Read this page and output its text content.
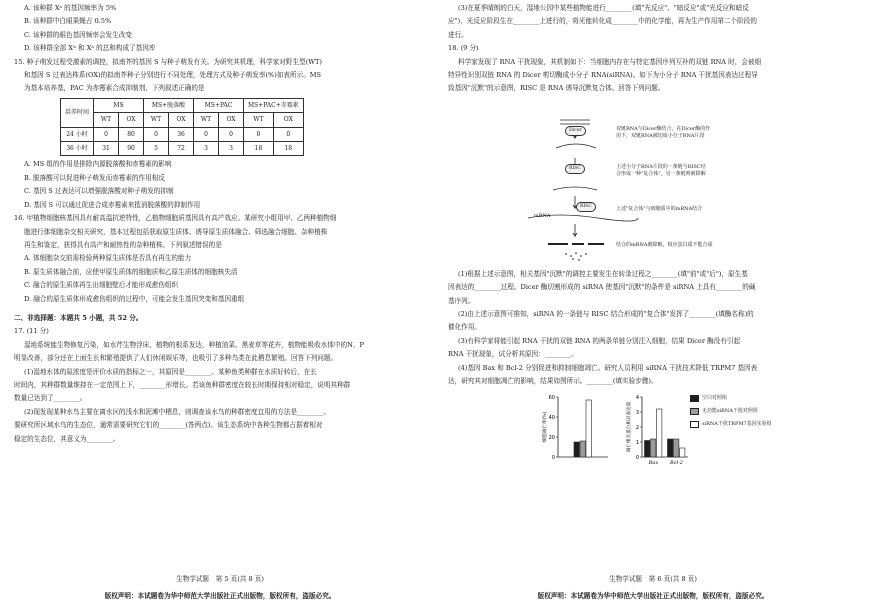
A. 该种群 Xᵃ 的基因频率为 5%
B. 该种群中白眼果蝇占 0.5%
C. 该种群的眼色基因频率会发生改变
D. 该种群全部 Xᴬ 和 Xᵃ 的总和构成了基因库
15. 种子萌发过程受激素的调控，拟南芥的基因 S 与种子萌发有关。为研究其机理，科学家对野生型(WT)
和基因 S 过表达株系(OX)的拟南芥种子分别进行不同处理，处理方式及种子萌发率(%)如表所示。MS
为基本培养基，PAC 为赤霉素合成抑制剂，下列叙述正确的是
培养时间	MS		MS+脱落酸		MS+PAC		MS+PAC+赤霉素	
	WT	OX	WT	OX	WT	OX	WT	OX
24 小时	0	80	0	36	0	0	0	0
36 小时	31	90	5	72	3	3	18	18
A. MS 组的作用是排除内源脱落酸和赤霉素的影响
B. 脱落酸可以促进种子萌发而赤霉素的作用相反
C. 基因 S 过表达可以增强脱落酸对种子萌发的抑制
D. 基因 S 可以通过促进合成赤霉素来抵消脱落酸的抑制作用
16. 甲植物细胞核基因具有耐高温抗逆特性，乙植物细胞质基因具有高产效应。某研究小组用甲、乙两种植物细
胞进行体细胞杂交相关研究，基本过程包括获取原生质体、诱导原生质体融合、筛选融合细胞、杂种植株
再生和鉴定，获得具有高产和耐热性的杂种植株。下列叙述错误的是
A. 体细胞杂交前需检验两种原生质体是否具有再生的能力
B. 原生质体融合前，应使甲原生质体的细胞质和乙原生质体的细胞核失活
C. 融合的原生质体再生出细胞壁后才能形成愈伤组织
D. 融合的原生质体形成愈伤组织的过程中，可能会发生基因突变和基因重组
二、非选择题：本题共 5 小题，共 52 分。
17. (11 分)
湿地系统能生物修复污染，如水芹生物浮床，植物的根系发达，种植油菜、黑麦草等花卉，植物能吸收水体中的N、P
明显改善，部分还在上面生长和繁殖提供了人们休闲娱乐等，也吸引了多种鸟类在此栖息繁殖。回答下列问题。
(1)湿地水体的氮浓度是评价水质的指标之一，其原因是________。某种鱼类种群在水质好转后，在长
时间内，其种群数量维持在一定范围上下，________形增长。若该鱼种群密度在较长时期保持相对稳定，说明其种群
数量已达到了________。
(2)现发现某种水鸟主要在离水区的浅水和泥滩中栖息，则调查该水鸟的种群密度宜用的方法是________。
要研究所区域水鸟的生态位，通常需要研究它们的________(答两点)。该生态系统中各种生物都占据着相对
稳定的生态位，其意义为________。
生物学试题　第 5 页(共 8 页)
版权声明：本试题卷为华中师范大学出版社正式出版物，版权所有，盗版必究。
(3)在夏季晴朗的白天，湿地公园中某些植物能进行________(填"光反应"、"暗反应"或"光反应和暗反
应")，光反应阶段生在________上进行的，将光能转化成________中的化学能，再为生产作用第二个阶段的
进行。
18. (9 分)
科学家发现了 RNA 干扰现象，其机制如下：当细胞内存在与特定基因序列互补的双链 RNA 时，会被细
特异性识别双链 RNA 的 Dicer 剪切酶成小分子 RNA(siRNA)。如下为小分子 RNA 干扰基因表达过程导
致基因"沉默"的示意图，RISC 是 RNA 诱导沉默复合体。回答下列问题。
Dicer
RISC
mRNA
RISC
双链RNA与Dicer酶结合，在Dicer酶的作
用下，双链RNA被切成小分子RNA片段
上述小分子RNA片段的一条链与RISC结
合形成一种"复合体"，另一条链则被降解
上述"复合体"与细胞质中的mRNA结合
结合的mRNA被降解，相应蛋白质不能合成
(1)根据上述示意图，相关基因"沉默"的调控主要发生在转录过程之________(填"前"或"后")，原生基
因表达的________过程。Dicer 酶切割形成的 siRNA 使基因"沉默"的条件是 siRNA 上具有________的碱
基序列。
(2)由上述示意图可推知，siRNA 的一条链与 RISC 结合形成的"复合体"发挥了________(填酶名称)的
催化作用。
(3)有科学家将能引起 RNA 干扰的双链 RNA 的两条单链分别注入细胞，结果 Dicer 酶没有引起
RNA 干扰现象，试分析其原因：________。
(4)基因 Bax 和 Bcl-2 分别促进和抑制细胞凋亡。研究人员利用 siRNA 干扰技术降低 TRPM7 基因表
达，研究其对细胞凋亡的影响，结果如图所示。________(填实验步骤)。
0
20
40
60
细胞凋亡率(%)
0
1
2
3
4
凋亡相关蛋白相对表达量
Bax Bcl-2
空白对照组
无功能siRNA干扰对照组
siRNA干扰TRPM7基因实验组
生物学试题　第 6 页(共 8 页)
版权声明：本试题卷为华中师范大学出版社正式出版物，版权所有，盗版必究。
